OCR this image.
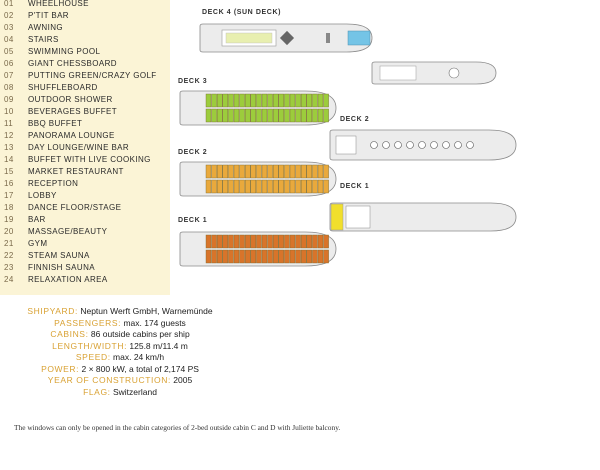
01 WHEELHOUSE
02 P'TIT BAR
03 AWNING
04 STAIRS
05 SWIMMING POOL
06 GIANT CHESSBOARD
07 PUTTING GREEN/CRAZY GOLF
08 SHUFFLEBOARD
09 OUTDOOR SHOWER
10 BEVERAGES BUFFET
11 BBQ BUFFET
12 PANORAMA LOUNGE
13 DAY LOUNGE/WINE BAR
14 BUFFET WITH LIVE COOKING
15 MARKET RESTAURANT
16 RECEPTION
17 LOBBY
18 DANCE FLOOR/STAGE
19 BAR
20 MASSAGE/BEAUTY
21 GYM
22 STEAM SAUNA
23 FINNISH SAUNA
24 RELAXATION AREA
DECK 4 (SUN DECK)
DECK 3
DECK 2
DECK 2
DECK 1
DECK 1
SHIPYARD: Neptun Werft GmbH, Warnemünde
PASSENGERS: max. 174 guests
CABINS: 86 outside cabins per ship
LENGTH/WIDTH: 125.8 m/11.4 m
SPEED: max. 24 km/h
POWER: 2 × 800 kW, a total of 2,174 PS
YEAR OF CONSTRUCTION: 2005
FLAG: Switzerland
The windows can only be opened in the cabin categories of 2-bed outside cabin C and D with Juliette balcony.
